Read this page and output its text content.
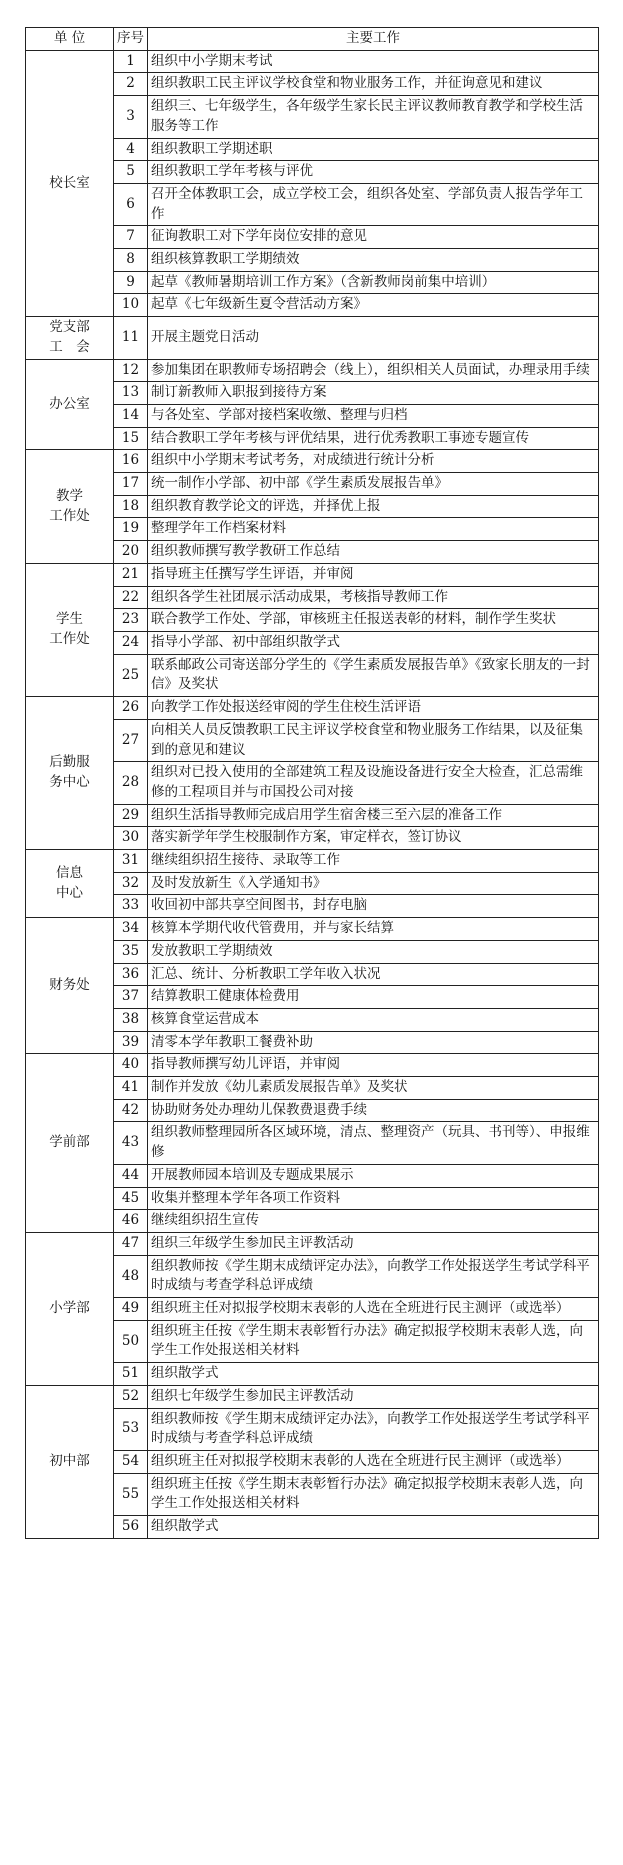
单 位	序号	主要工作

校长室	1	组织中小学期末考试
	2	组织教职工民主评议学校食堂和物业服务工作，并征询意见和建议
	3	组织三、七年级学生，各年级学生家长民主评议教师教育教学和学校生活服务等工作
	4	组织教职工学期述职
	5	组织教职工学年考核与评优
	6	召开全体教职工会，成立学校工会，组织各处室、学部负责人报告学年工作
	7	征询教职工对下学年岗位安排的意见
	8	组织核算教职工学期绩效
	9	起草《教师暑期培训工作方案》（含新教师岗前集中培训）
	10	起草《七年级新生夏令营活动方案》

党支部
工　会	11	开展主题党日活动

办公室	12	参加集团在职教师专场招聘会（线上），组织相关人员面试，办理录用手续
	13	制订新教师入职报到接待方案
	14	与各处室、学部对接档案收缴、整理与归档
	15	结合教职工学年考核与评优结果，进行优秀教职工事迹专题宣传

教学
工作处	16	组织中小学期末考试考务，对成绩进行统计分析
	17	统一制作小学部、初中部《学生素质发展报告单》
	18	组织教育教学论文的评选，并择优上报
	19	整理学年工作档案材料
	20	组织教师撰写教学教研工作总结

学生
工作处	21	指导班主任撰写学生评语，并审阅
	22	组织各学生社团展示活动成果，考核指导教师工作
	23	联合教学工作处、学部，审核班主任报送表彰的材料，制作学生奖状
	24	指导小学部、初中部组织散学式
	25	联系邮政公司寄送部分学生的《学生素质发展报告单》《致家长朋友的一封信》及奖状

后勤服
务中心	26	向教学工作处报送经审阅的学生住校生活评语
	27	向相关人员反馈教职工民主评议学校食堂和物业服务工作结果，以及征集到的意见和建议
	28	组织对已投入使用的全部建筑工程及设施设备进行安全大检查，汇总需维修的工程项目并与市国投公司对接
	29	组织生活指导教师完成启用学生宿舍楼三至六层的准备工作
	30	落实新学年学生校服制作方案，审定样衣，签订协议

信息
中心	31	继续组织招生接待、录取等工作
	32	及时发放新生《入学通知书》
	33	收回初中部共享空间图书，封存电脑

财务处	34	核算本学期代收代管费用，并与家长结算
	35	发放教职工学期绩效
	36	汇总、统计、分析教职工学年收入状况
	37	结算教职工健康体检费用
	38	核算食堂运营成本
	39	清零本学年教职工餐费补助

学前部	40	指导教师撰写幼儿评语，并审阅
	41	制作并发放《幼儿素质发展报告单》及奖状
	42	协助财务处办理幼儿保教费退费手续
	43	组织教师整理园所各区域环境，清点、整理资产（玩具、书刊等）、申报维修
	44	开展教师园本培训及专题成果展示
	45	收集并整理本学年各项工作资料
	46	继续组织招生宣传

小学部	47	组织三年级学生参加民主评教活动
	48	组织教师按《学生期末成绩评定办法》，向教学工作处报送学生考试学科平时成绩与考查学科总评成绩
	49	组织班主任对拟报学校期末表彰的人选在全班进行民主测评（或选举）
	50	组织班主任按《学生期末表彰暂行办法》确定拟报学校期末表彰人选，向学生工作处报送相关材料
	51	组织散学式

初中部	52	组织七年级学生参加民主评教活动
	53	组织教师按《学生期末成绩评定办法》，向教学工作处报送学生考试学科平时成绩与考查学科总评成绩
	54	组织班主任对拟报学校期末表彰的人选在全班进行民主测评（或选举）
	55	组织班主任按《学生期末表彰暂行办法》确定拟报学校期末表彰人选，向学生工作处报送相关材料
	56	组织散学式
